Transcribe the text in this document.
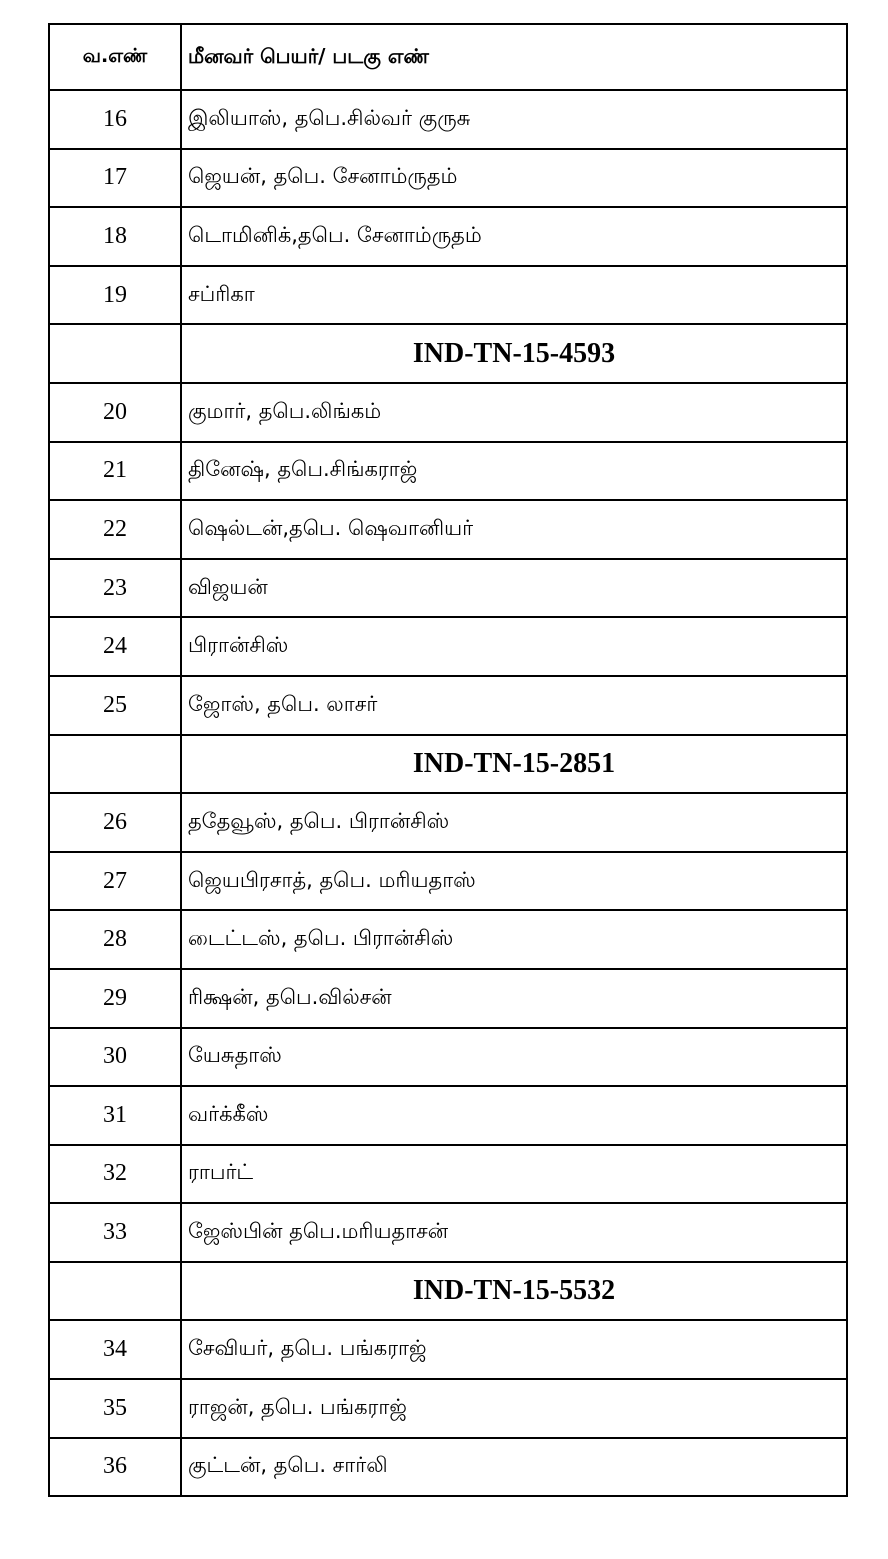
வ.எண்	மீனவர் பெயர்/ படகு எண்
16	இலியாஸ், தபெ.சில்வர் குருசு
17	ஜெயன், தபெ. சேனாம்ருதம்
18	டொமினிக்,தபெ. சேனாம்ருதம்
19	சப்ரிகா
	IND-TN-15-4593
20	குமார், தபெ.லிங்கம்
21	தினேஷ், தபெ.சிங்கராஜ்
22	ஷெல்டன்,தபெ. ஷெவானியர்
23	விஜயன்
24	பிரான்சிஸ்
25	ஜோஸ், தபெ. லாசர்
	IND-TN-15-2851
26	ததேவூஸ், தபெ. பிரான்சிஸ்
27	ஜெயபிரசாத், தபெ. மரியதாஸ்
28	டைட்டஸ், தபெ. பிரான்சிஸ்
29	ரிக்ஷன், தபெ.வில்சன்
30	யேசுதாஸ்
31	வர்க்கீஸ்
32	ராபர்ட்
33	ஜேஸ்பின் தபெ.மரியதாசன்
	IND-TN-15-5532
34	சேவியர், தபெ. பங்கராஜ்
35	ராஜன், தபெ. பங்கராஜ்
36	குட்டன், தபெ. சார்லி
